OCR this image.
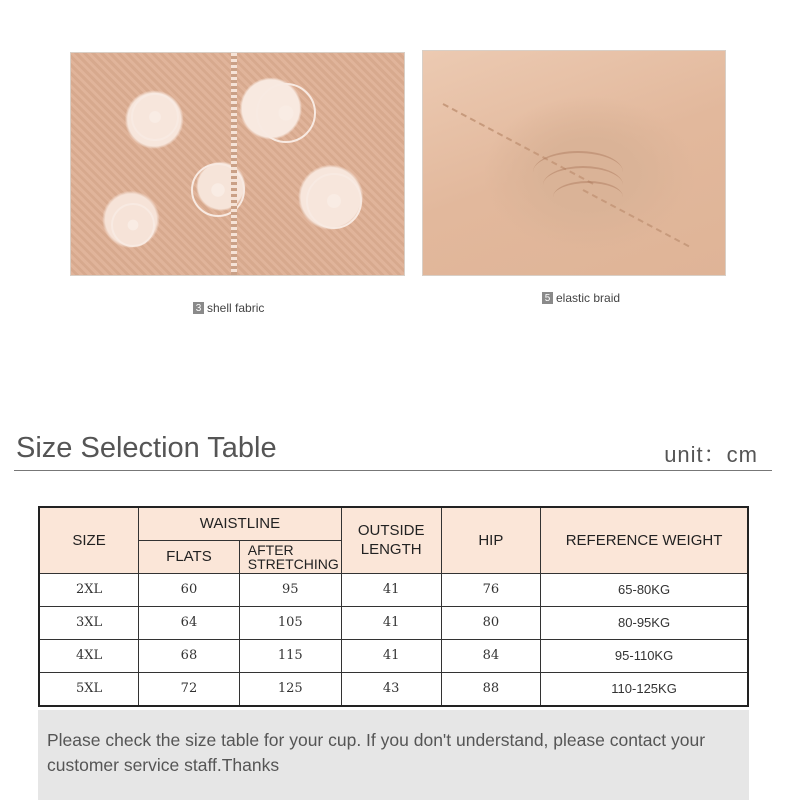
3 shell fabric
5 elastic braid
Size Selection Table	unit：cm
SIZE	WAISTLINE		OUTSIDE LENGTH	HIP	REFERENCE WEIGHT
	FLATS	AFTER STRETCHING			
2XL	60	95	41	76	65-80KG
3XL	64	105	41	80	80-95KG
4XL	68	115	41	84	95-110KG
5XL	72	125	43	88	110-125KG
Please check the size table for your cup. If you don't understand, please contact your customer service staff.Thanks
